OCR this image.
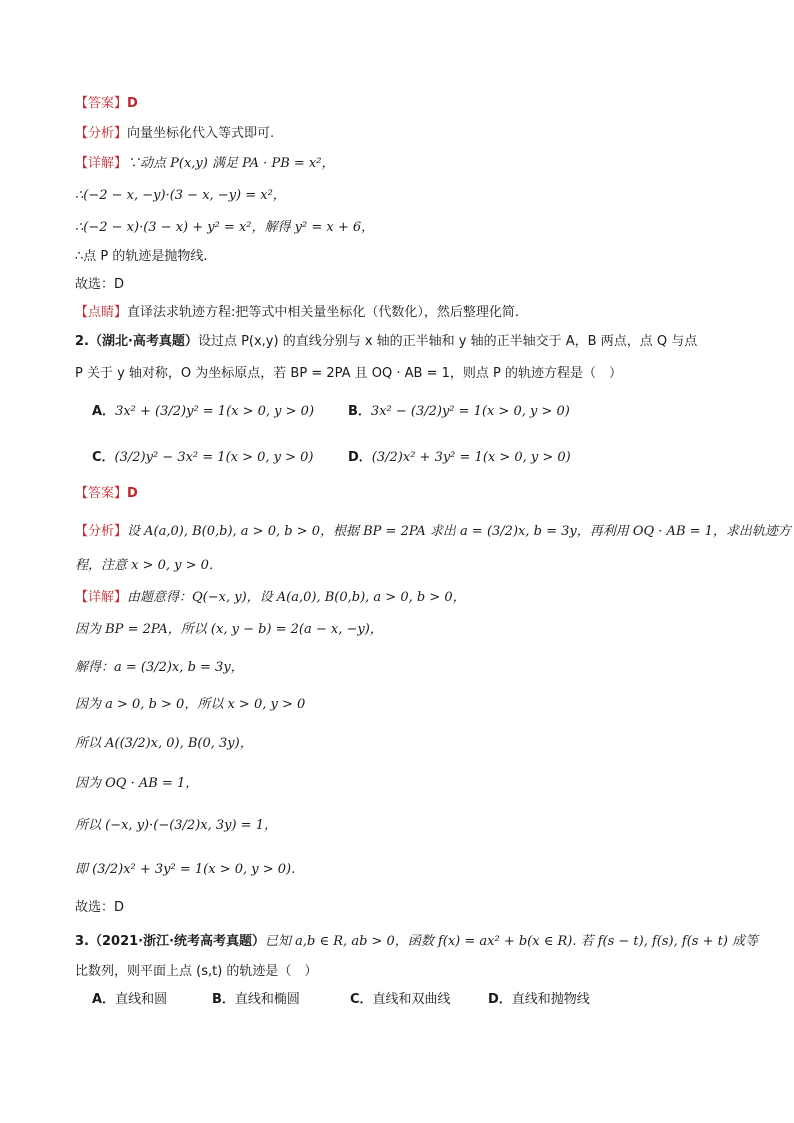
【答案】D
【分析】向量坐标化代入等式即可.
【详解】∵动点 P(x,y) 满足 PA · PB = x²，
∴(−2 − x, −y)·(3 − x, −y) = x²，
∴(−2 − x)·(3 − x) + y² = x²，解得 y² = x + 6，
∴点 P 的轨迹是抛物线.
故选：D
【点睛】直译法求轨迹方程:把等式中相关量坐标化（代数化），然后整理化简.
2.（湖北·高考真题）设过点 P(x,y) 的直线分别与 x 轴的正半轴和 y 轴的正半轴交于 A，B 两点，点 Q 与点
P 关于 y 轴对称，O 为坐标原点，若 BP = 2PA 且 OQ · AB = 1，则点 P 的轨迹方程是（　）
A．3x² + (3/2)y² = 1(x > 0, y > 0)	B．3x² − (3/2)y² = 1(x > 0, y > 0)
C．(3/2)y² − 3x² = 1(x > 0, y > 0)	D．(3/2)x² + 3y² = 1(x > 0, y > 0)
【答案】D
【分析】设 A(a,0), B(0,b), a > 0, b > 0，根据 BP = 2PA 求出 a = (3/2)x, b = 3y，再利用 OQ · AB = 1，求出轨迹方
程，注意 x > 0, y > 0．
【详解】由题意得：Q(−x, y)，设 A(a,0), B(0,b), a > 0, b > 0，
因为 BP = 2PA，所以 (x, y − b) = 2(a − x, −y)，
解得：a = (3/2)x, b = 3y，
因为 a > 0, b > 0，所以 x > 0, y > 0
所以 A((3/2)x, 0), B(0, 3y)，
因为 OQ · AB = 1，
所以 (−x, y)·(−(3/2)x, 3y) = 1，
即 (3/2)x² + 3y² = 1(x > 0, y > 0).
故选：D
3.（2021·浙江·统考高考真题）已知 a,b ∈ R, ab > 0，函数 f(x) = ax² + b(x ∈ R). 若 f(s − t), f(s), f(s + t) 成等
比数列，则平面上点 (s,t) 的轨迹是（　）
A．直线和圆	B．直线和椭圆	C．直线和双曲线	D．直线和抛物线
